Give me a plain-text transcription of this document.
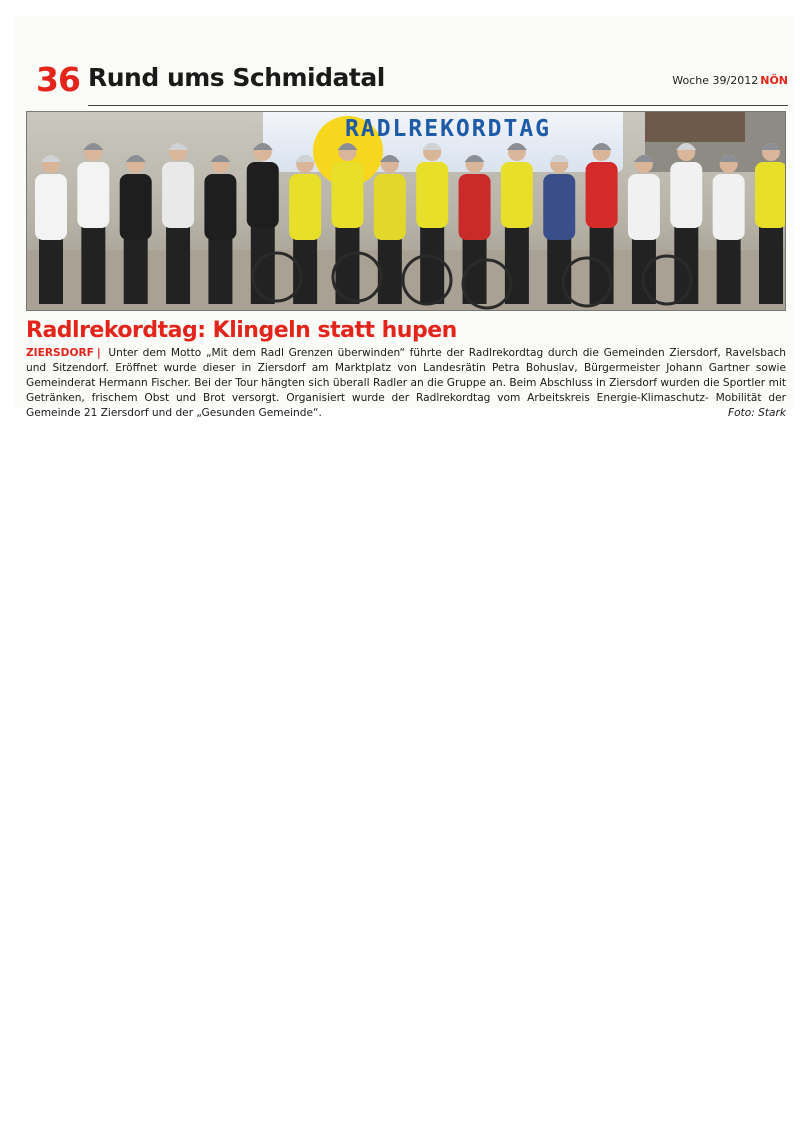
36 Rund ums Schmidatal	Woche 39/2012 NÖN
RADLREKORDTAG
Radlrekordtag: Klingeln statt hupen
ZIERSDORF | Unter dem Motto „Mit dem Radl Grenzen überwinden“ führte der Radlrekordtag durch die Gemeinden Ziersdorf, Ravelsbach und Sitzendorf. Eröffnet wurde dieser in Ziersdorf am Marktplatz von Landesrätin Petra Bohuslav, Bürgermeister Johann Gartner sowie Gemeinderat Hermann Fischer. Bei der Tour hängten sich überall Radler an die Gruppe an. Beim Abschluss in Ziersdorf wurden die Sportler mit Getränken, frischem Obst und Brot versorgt. Organisiert wurde der Radlrekordtag vom Arbeitskreis Energie-Klimaschutz- Mobilität der Gemeinde 21 Ziersdorf und der „Gesunden Gemeinde“.	Foto: Stark
